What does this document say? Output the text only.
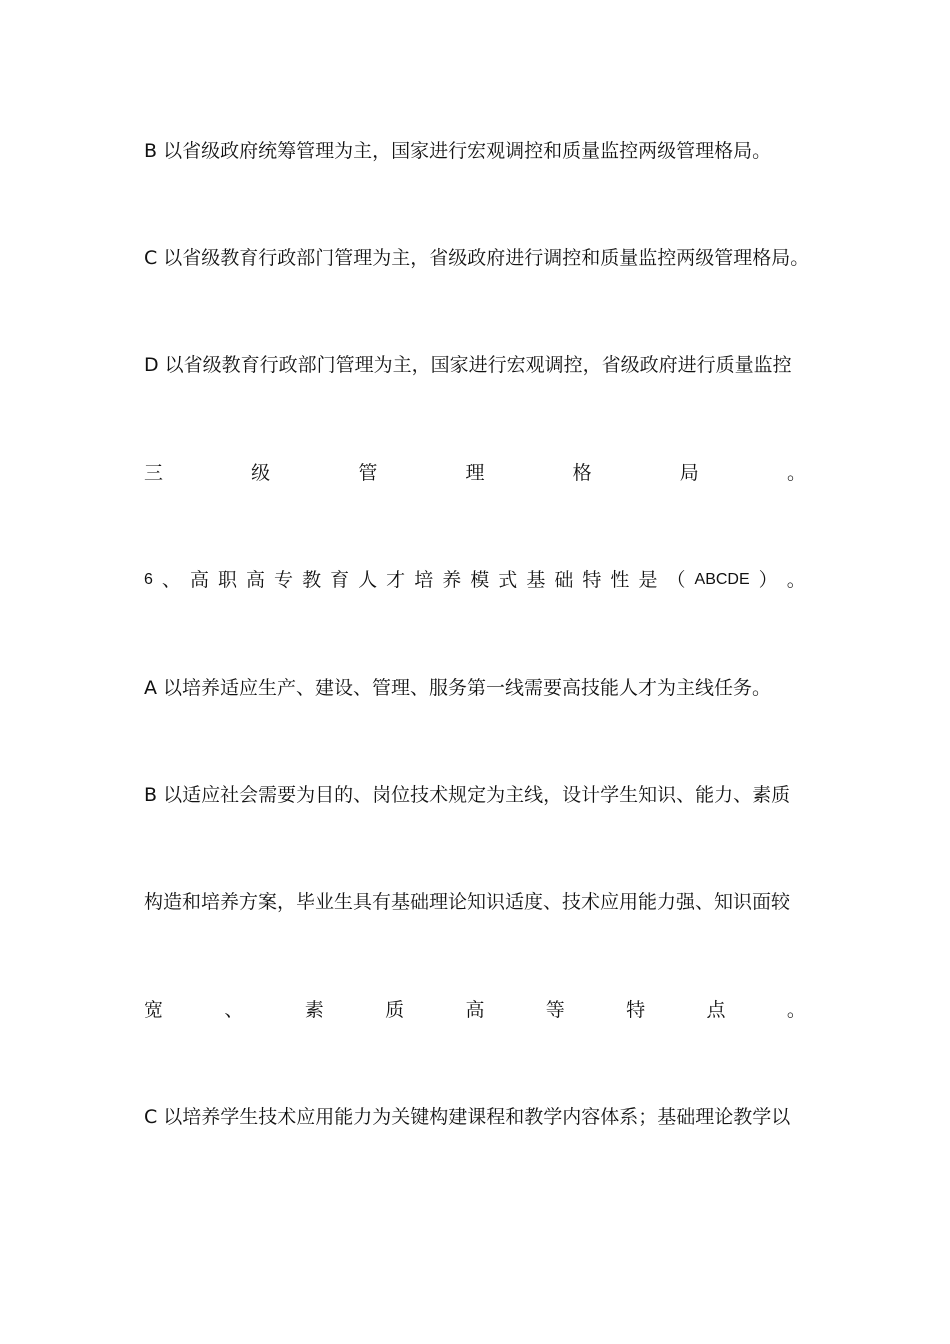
B 以省级政府统筹管理为主，国家进行宏观调控和质量监控两级管理格局。
C 以省级教育行政部门管理为主，省级政府进行调控和质量监控两级管理格局。
D 以省级教育行政部门管理为主，国家进行宏观调控，省级政府进行质量监控
三	级	管	理	格	局	。
6 、 高 职 高 专 教 育 人 才 培 养 模 式 基 础 特 性 是 （ ABCDE ） 。
A 以培养适应生产、建设、管理、服务第一线需要高技能人才为主线任务。
B 以适应社会需要为目的、岗位技术规定为主线，设计学生知识、能力、素质
构造和培养方案，毕业生具有基础理论知识适度、技术应用能力强、知识面较
宽	、	素	质	高	等	特	点	。
C 以培养学生技术应用能力为关键构建课程和教学内容体系；基础理论教学以
